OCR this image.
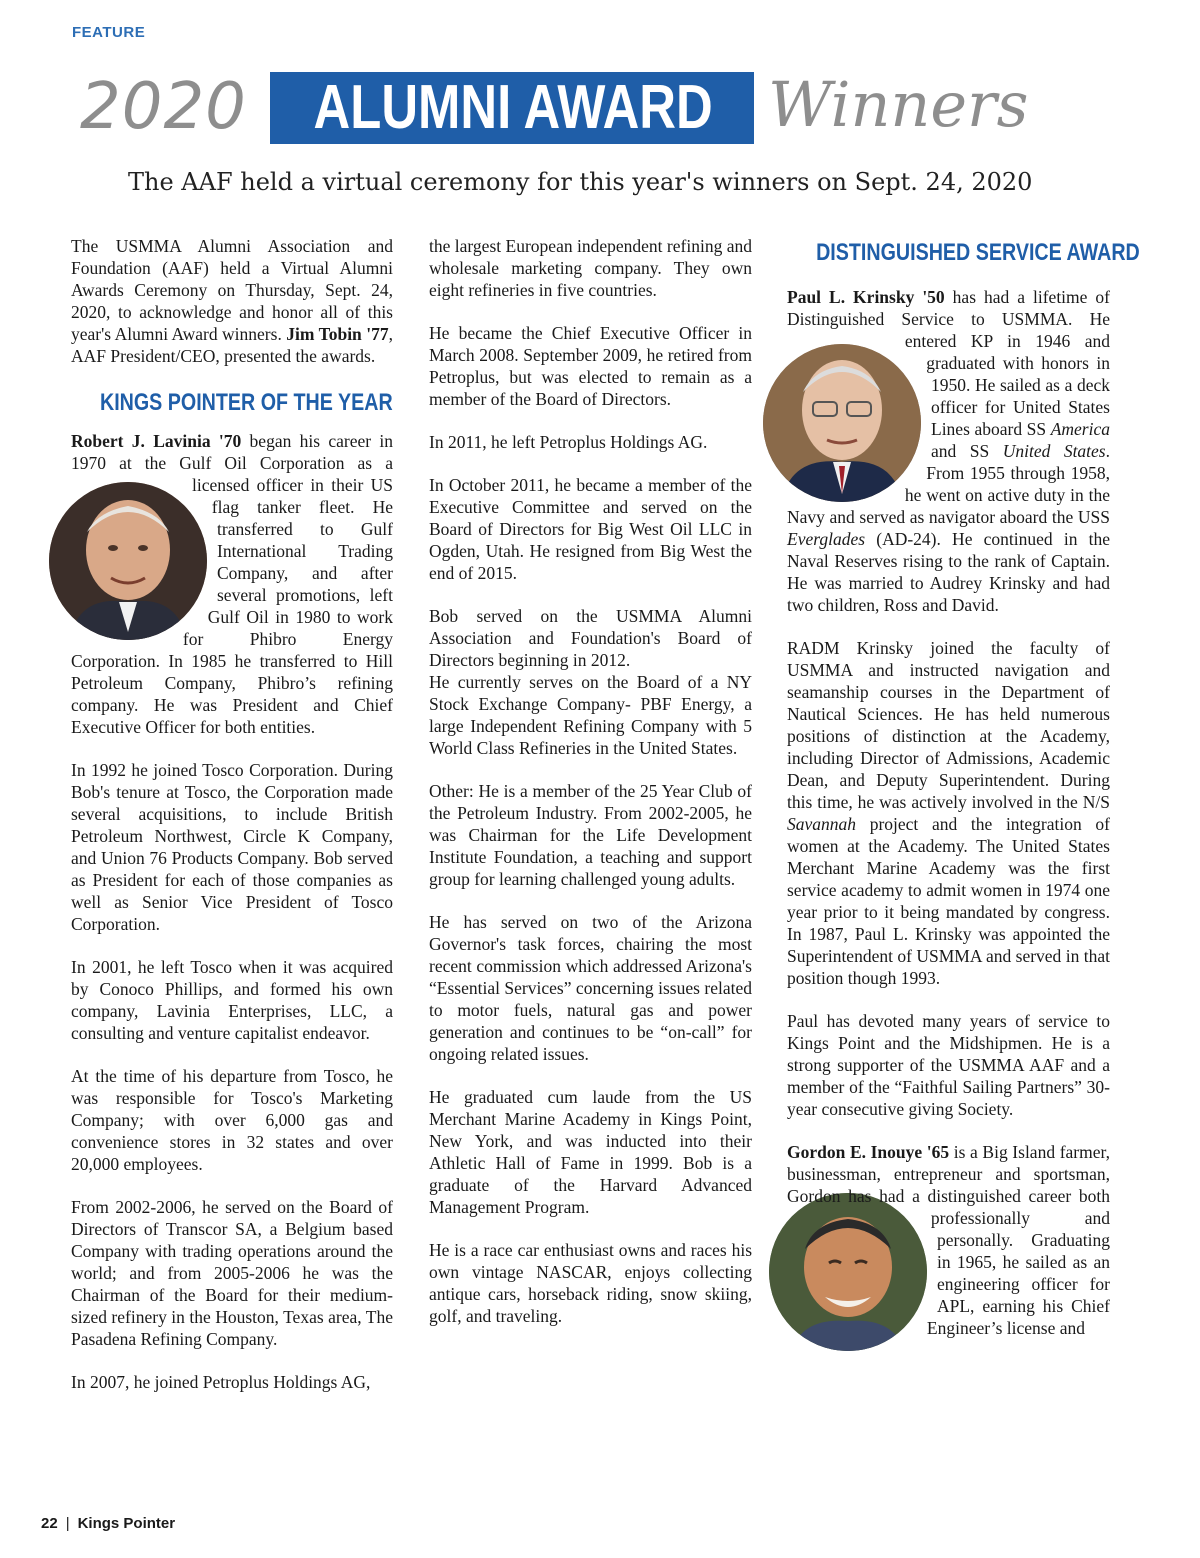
FEATURE
2020 ALUMNI AWARD Winners
The AAF held a virtual ceremony for this year's winners on Sept. 24, 2020

The USMMA Alumni Association and Foundation (AAF) held a Virtual Alumni Awards Ceremony on Thursday, Sept. 24, 2020, to acknowledge and honor all of this year's Alumni Award winners. Jim Tobin '77, AAF President/CEO, presented the awards.

KINGS POINTER OF THE YEAR

Robert J. Lavinia '70 began his career in 1970 at the Gulf Oil Corporation as
a licensed officer in their US flag tanker fleet. He transferred to Gulf International Trading Company, and after several promotions, left Gulf Oil in 1980 to work for Phibro Energy Corporation. In 1985 he transferred to Hill Petroleum Company, Phibro’s refining company. He was President and Chief Executive Officer for both entities.

In 1992 he joined Tosco Corporation. During Bob's tenure at Tosco, the Corporation made several acquisitions, to include British Petroleum Northwest, Circle K Company, and Union 76 Products Company. Bob served as President for each of those companies as well as Senior Vice President of Tosco Corporation.

In 2001, he left Tosco when it was acquired by Conoco Phillips, and formed his own company, Lavinia Enterprises, LLC, a consulting and venture capitalist endeavor.

At the time of his departure from Tosco, he was responsible for Tosco's Marketing Company; with over 6,000 gas and convenience stores in 32 states and over 20,000 employees.

From 2002-2006, he served on the Board of Directors of Transcor SA, a Belgium based Company with trading operations around the world; and from 2005-2006 he was the Chairman of the Board for their medium-sized refinery in the Houston, Texas area, The Pasadena Refining Company.

In 2007, he joined Petroplus Holdings AG,

the largest European independent refining and wholesale marketing company. They own eight refineries in five countries.

He became the Chief Executive Officer in March 2008. September 2009, he retired from Petroplus, but was elected to remain as a member of the Board of Directors.

In 2011, he left Petroplus Holdings AG.

In October 2011, he became a member of the Executive Committee and served on the Board of Directors for Big West Oil LLC in Ogden, Utah. He resigned from Big West the end of 2015.

Bob served on the USMMA Alumni Association and Foundation's Board of Directors beginning in 2012.
He currently serves on the Board of a NY Stock Exchange Company- PBF Energy, a large Independent Refining Company with 5 World Class Refineries in the United States.

Other: He is a member of the 25 Year Club of the Petroleum Industry. From 2002-2005, he was Chairman for the Life Development Institute Foundation, a teaching and support group for learning challenged young adults.

He has served on two of the Arizona Governor's task forces, chairing the most recent commission which addressed Arizona's “Essential Services” concerning issues related to motor fuels, natural gas and power generation and continues to be “on-call” for ongoing related issues.

He graduated cum laude from the US Merchant Marine Academy in Kings Point, New York, and was inducted into their Athletic Hall of Fame in 1999. Bob is a graduate of the Harvard Advanced Management Program.

He is a race car enthusiast owns and races his own vintage NASCAR, enjoys collecting antique cars, horseback riding, snow skiing, golf, and traveling.

DISTINGUISHED SERVICE AWARD

Paul L. Krinsky '50 has had a lifetime of Distinguished Service to USMMA.
He entered KP in 1946 and graduated with honors in 1950. He sailed as a deck officer for United States Lines aboard SS America and SS United States. From 1955 through 1958, he went on active duty in the Navy and served as navigator aboard the USS Everglades (AD-24). He continued in the Naval Reserves rising to the rank of Captain. He was married to Audrey Krinsky and had two children, Ross and David.

RADM Krinsky joined the faculty of USMMA and instructed navigation and seamanship courses in the Department of Nautical Sciences. He has held numerous positions of distinction at the Academy, including Director of Admissions, Academic Dean, and Deputy Superintendent. During this time, he was actively involved in the N/S Savannah project and the integration of women at the Academy. The United States Merchant Marine Academy was the first service academy to admit women in 1974 one year prior to it being mandated by congress. In 1987, Paul L. Krinsky was appointed the Superintendent of USMMA and served in that position though 1993.

Paul has devoted many years of service to Kings Point and the Midshipmen. He is a strong supporter of the USMMA AAF and a member of the “Faithful Sailing Partners” 30-year consecutive giving Society.

Gordon E. Inouye '65 is a Big Island farmer, businessman, entrepreneur and sportsman, Gordon has had
a distinguished career both professionally and personally. Graduating in 1965, he sailed as an engineering officer for APL, earning his Chief Engineer’s license and

22 | Kings Pointer
